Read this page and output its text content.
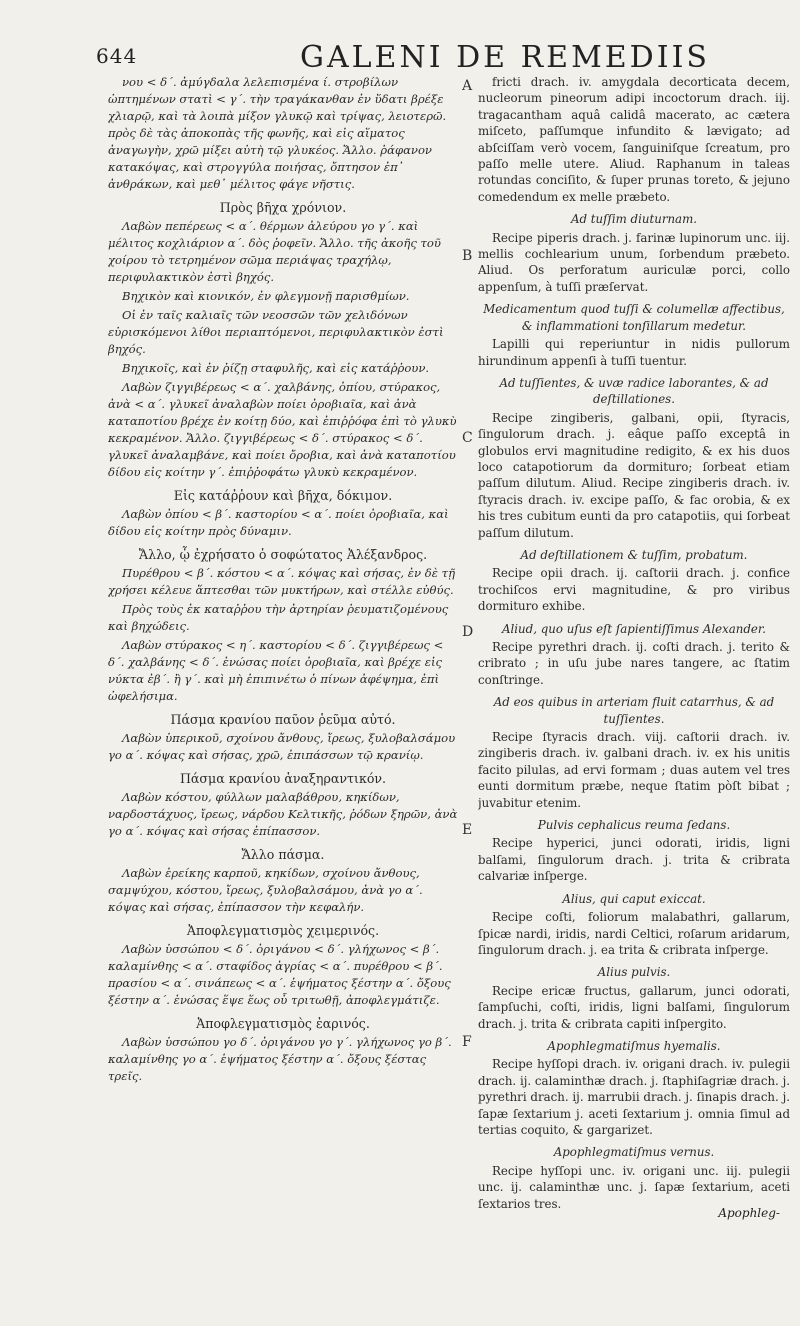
644	GALENI DE REMEDIIS

νου < δ΄. ἀμύγδαλα λελεπισμένα ί. στροβίλων ὠπτημένων στατὶ < γ΄. τὴν τραγάκανθαν ἐν ὕδατι βρέξε χλιαρῷ, καὶ τὰ λοιπὰ μίξον γλυκῷ καὶ τρίψας, λειοτερῶ. πρὸς δὲ τὰς ἀποκοπὰς τῆς φωνῆς, καὶ εἰς αἵματος ἀναγωγὴν, χρῶ μίξει αὐτὴ τῷ γλυκέος. Ἄλλο. ῥάφανον κατακόψας, καὶ στρογγύλα ποιήσας, ὄπτησον ἐπ᾽ ἀνθράκων, καὶ μεθ᾽ μέλιτος φάγε νῆστις.

Πρὸς βῆχα χρόνιον.

Λαβὼν πεπέρεως < α΄. θέρμων ἀλεύρου γο γ΄. καὶ μέλιτος κοχλιάριον α΄. δὸς ῥοφεῖν. Ἄλλο. τῆς ἀκοῆς τοῦ χοίρου τὸ τετρημένον σῶμα περιάψας τραχήλῳ, περιφυλακτικὸν ἐστὶ βηχός.

Βηχικὸν καὶ κιονικόν, ἐν φλεγμονῇ παρισθμίων.

Οἱ ἐν ταῖς καλιαῖς τῶν νεοσσῶν τῶν χελιδόνων εὑρισκόμενοι λίθοι περιαπτόμενοι, περιφυλακτικὸν ἐστὶ βηχός.

Βηχικοῖς, καὶ ἐν ῥίζῃ σταφυλῆς, καὶ εἰς κατάῤῥουν.

Λαβὼν ζιγγιβέρεως < α΄. χαλβάνης, ὀπίου, στύρακος, ἀνὰ < α΄. γλυκεῖ ἀναλαβὼν ποίει ὀροβιαῖα, καὶ ἀνὰ καταποτίου βρέχε ἐν κοίτῃ δύο, καὶ ἐπιῤῥόφα ἐπὶ τὸ γλυκὺ κεκραμένον. Ἄλλο. ζιγγιβέρεως < δ΄. στύρακος < δ΄. γλυκεῖ ἀναλαμβάνε, καὶ ποίει ὄροβια, καὶ ἀνὰ καταποτίου δίδου εἰς κοίτην γ΄. ἐπιῤῥοφάτω γλυκὺ κεκραμένον.

Εἰς κατάῤῥουν καὶ βῆχα, δόκιμον.

Λαβὼν ὀπίου < β΄. καστορίου < α΄. ποίει ὀροβιαῖα, καὶ δίδου εἰς κοίτην πρὸς δύναμιν.

Ἄλλο, ᾧ ἐχρήσατο ὁ σοφώτατος Ἀλέξανδρος.

Πυρέθρου < β΄. κόστου < α΄. κόψας καὶ σήσας, ἐν δὲ τῇ χρήσει κέλευε ἅπτεσθαι τῶν μυκτήρων, καὶ στέλλε εὐθύς.

Πρὸς τοὺς ἐκ καταῤῥου τὴν ἀρτηρίαν ῥευματιζομένους καὶ βηχώδεις.

Λαβὼν στύρακος < η΄. καστορίου < δ΄. ζιγγιβέρεως < δ΄. χαλβάνης < δ΄. ἑνώσας ποίει ὀροβιαῖα, καὶ βρέχε εἰς νύκτα ἐβ΄. ἢ γ΄. καὶ μὴ ἐπιπινέτω ὁ πίνων ἀφέψημα, ἐπὶ ὠφελήσιμα.

Πάσμα κρανίου παῦον ῥεῦμα αὐτό.

Λαβὼν ὑπερικοῦ, σχοίνου ἄνθους, ἴρεως, ξυλοβαλσάμου γο α΄. κόψας καὶ σήσας, χρῶ, ἐπιπάσσων τῷ κρανίῳ.

Πάσμα κρανίου ἀναξηραντικόν.

Λαβὼν κόστου, φύλλων μαλαβάθρου, κηκίδων, ναρδοστάχυος, ἴρεως, νάρδου Κελτικῆς, ῥόδων ξηρῶν, ἀνὰ γο α΄. κόψας καὶ σήσας ἐπίπασσον.

Ἄλλο πάσμα.

Λαβὼν ἐρείκης καρποῦ, κηκίδων, σχοίνου ἄνθους, σαμψύχου, κόστου, ἴρεως, ξυλοβαλσάμου, ἀνὰ γο α΄. κόψας καὶ σήσας, ἐπίπασσον τὴν κεφαλήν.

Ἀποφλεγματισμὸς χειμερινός.

Λαβὼν ὑσσώπου < δ΄. ὀριγάνου < δ΄. γλήχωνος < β΄. καλαμίνθης < α΄. σταφίδος ἀγρίας < α΄. πυρέθρου < β΄. πρασίου < α΄. σινάπεως < α΄. ἑψήματος ξέστην α΄. ὄξους ξέστην α΄. ἑνώσας ἕψε ἕως οὗ τριτωθῇ, ἀποφλεγμάτιζε.

Ἀποφλεγματισμὸς ἐαρινός.

Λαβὼν ὑσσώπου γο δ΄. ὀριγάνου γο γ΄. γλήχωνος γο β΄. καλαμίνθης γο α΄. ἑψήματος ξέστην α΄. ὄξους ξέστας τρεῖς.

A
B
C
D
E
F

fricti drach. iv. amygdala decorticata decem, nucleorum pineorum adipi incoctorum drach. iij. tragacantham aquâ calidâ macerato, ac cætera miſceto, paſſumque infundito & lævigato; ad abſciſſam verò vocem, ſanguiniſque ſcreatum, pro paſſo melle utere. Aliud. Raphanum in taleas rotundas conciſito, & ſuper prunas toreto, & jejuno comedendum ex melle præbeto.

Ad tuſſim diuturnam.

Recipe piperis drach. j. farinæ lupinorum unc. iij. mellis cochlearium unum, ſorbendum præbeto. Aliud. Os perforatum auriculæ porci, collo appenſum, à tuſſi præſervat.

Medicamentum quod tuſſi & columellæ affectibus, & inflammationi tonſillarum medetur.

Lapilli qui reperiuntur in nidis pullorum hirundinum appenſi à tuſſi tuentur.

Ad tuſſientes, & uvæ radice laborantes, & ad deſtillationes.

Recipe zingiberis, galbani, opii, ſtyracis, ſingulorum drach. j. eâque paſſo exceptâ in globulos ervi magnitudine redigito, & ex his duos loco catapotiorum da dormituro; ſorbeat etiam paſſum dilutum. Aliud. Recipe zingiberis drach. iv. ſtyracis drach. iv. excipe paſſo, & fac orobia, & ex his tres cubitum eunti da pro catapotiis, qui ſorbeat paſſum dilutum.

Ad deſtillationem & tuſſim, probatum.

Recipe opii drach. ij. caſtorii drach. j. confice trochiſcos ervi magnitudine, & pro viribus dormituro exhibe.

Aliud, quo uſus eſt ſapientiſſimus Alexander.

Recipe pyrethri drach. ij. coſti drach. j. terito & cribrato ; in uſu jube nares tangere, ac ſtatim conſtringe.

Ad eos quibus in arteriam fluit catarrhus, & ad tuſſientes.

Recipe ſtyracis drach. viij. caſtorii drach. iv. zingiberis drach. iv. galbani drach. iv. ex his unitis facito pilulas, ad ervi formam ; duas autem vel tres eunti dormitum præbe, neque ſtatim pòſt bibat ; juvabitur etenim.

Pulvis cephalicus reuma ſedans.

Recipe hyperici, junci odorati, iridis, ligni balſami, ſingulorum drach. j. trita & cribrata calvariæ inſperge.

Alius, qui caput exiccat.

Recipe coſti, foliorum malabathri, gallarum, ſpicæ nardi, iridis, nardi Celtici, roſarum aridarum, ſingulorum drach. j. ea trita & cribrata inſperge.

Alius pulvis.

Recipe ericæ fructus, gallarum, junci odorati, ſampſuchi, coſti, iridis, ligni balſami, ſingulorum drach. j. trita & cribrata capiti inſpergito.

Apophlegmatiſmus hyemalis.

Recipe hyſſopi drach. iv. origani drach. iv. pulegii drach. ij. calaminthæ drach. j. ſtaphiſagriæ drach. j. pyrethri drach. ij. marrubii drach. j. ſinapis drach. j. ſapæ ſextarium j. aceti ſextarium j. omnia ſimul ad tertias coquito, & gargarizet.

Apophlegmatiſmus vernus.

Recipe hyſſopi unc. iv. origani unc. iij. pulegii unc. ij. calaminthæ unc. j. ſapæ ſextarium, aceti ſextarios tres.

Apophleg-
